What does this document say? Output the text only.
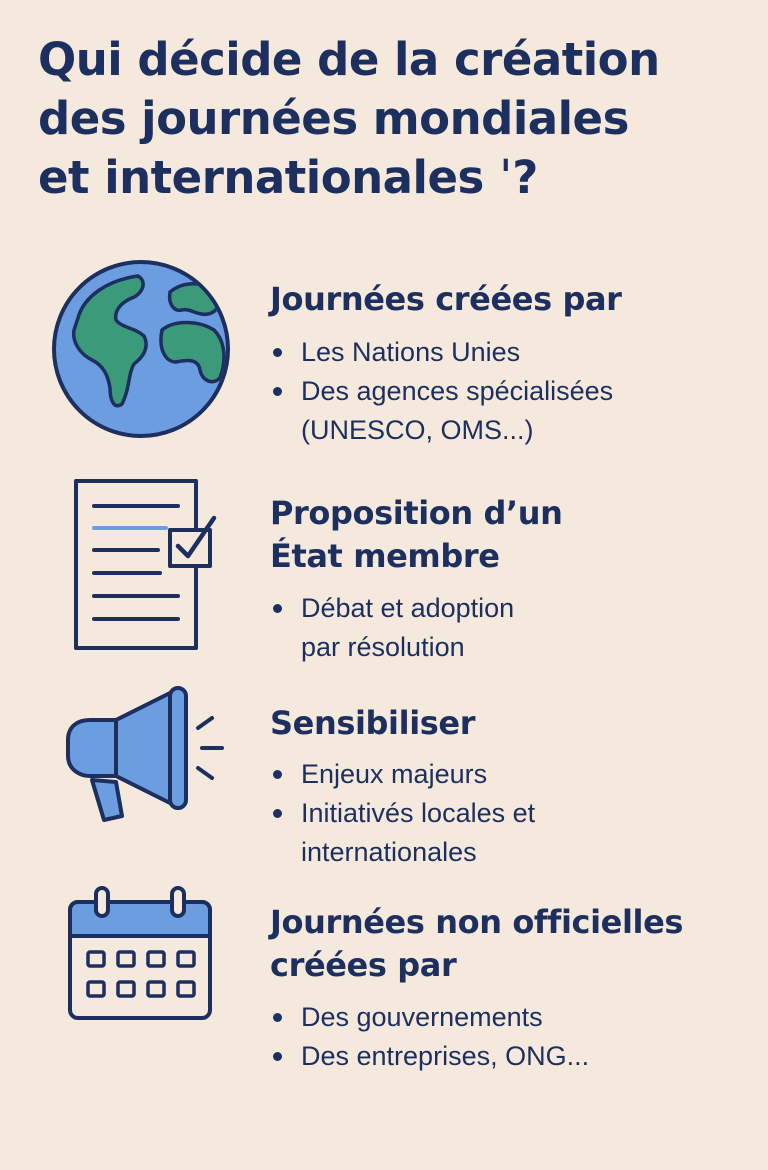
Qui décide de la création
des journées mondiales
et internationales ˈ?
Journées créées par
Les Nations Unies
Des agences spécialisées
(UNESCO, OMS...)
Proposition d’un
État membre
Débat et adoption
par résolution
Sensibiliser
Enjeux majeurs
Initiativés locales et
internationales
Journées non officielles
créées par
Des gouvernements
Des entreprises, ONG...
